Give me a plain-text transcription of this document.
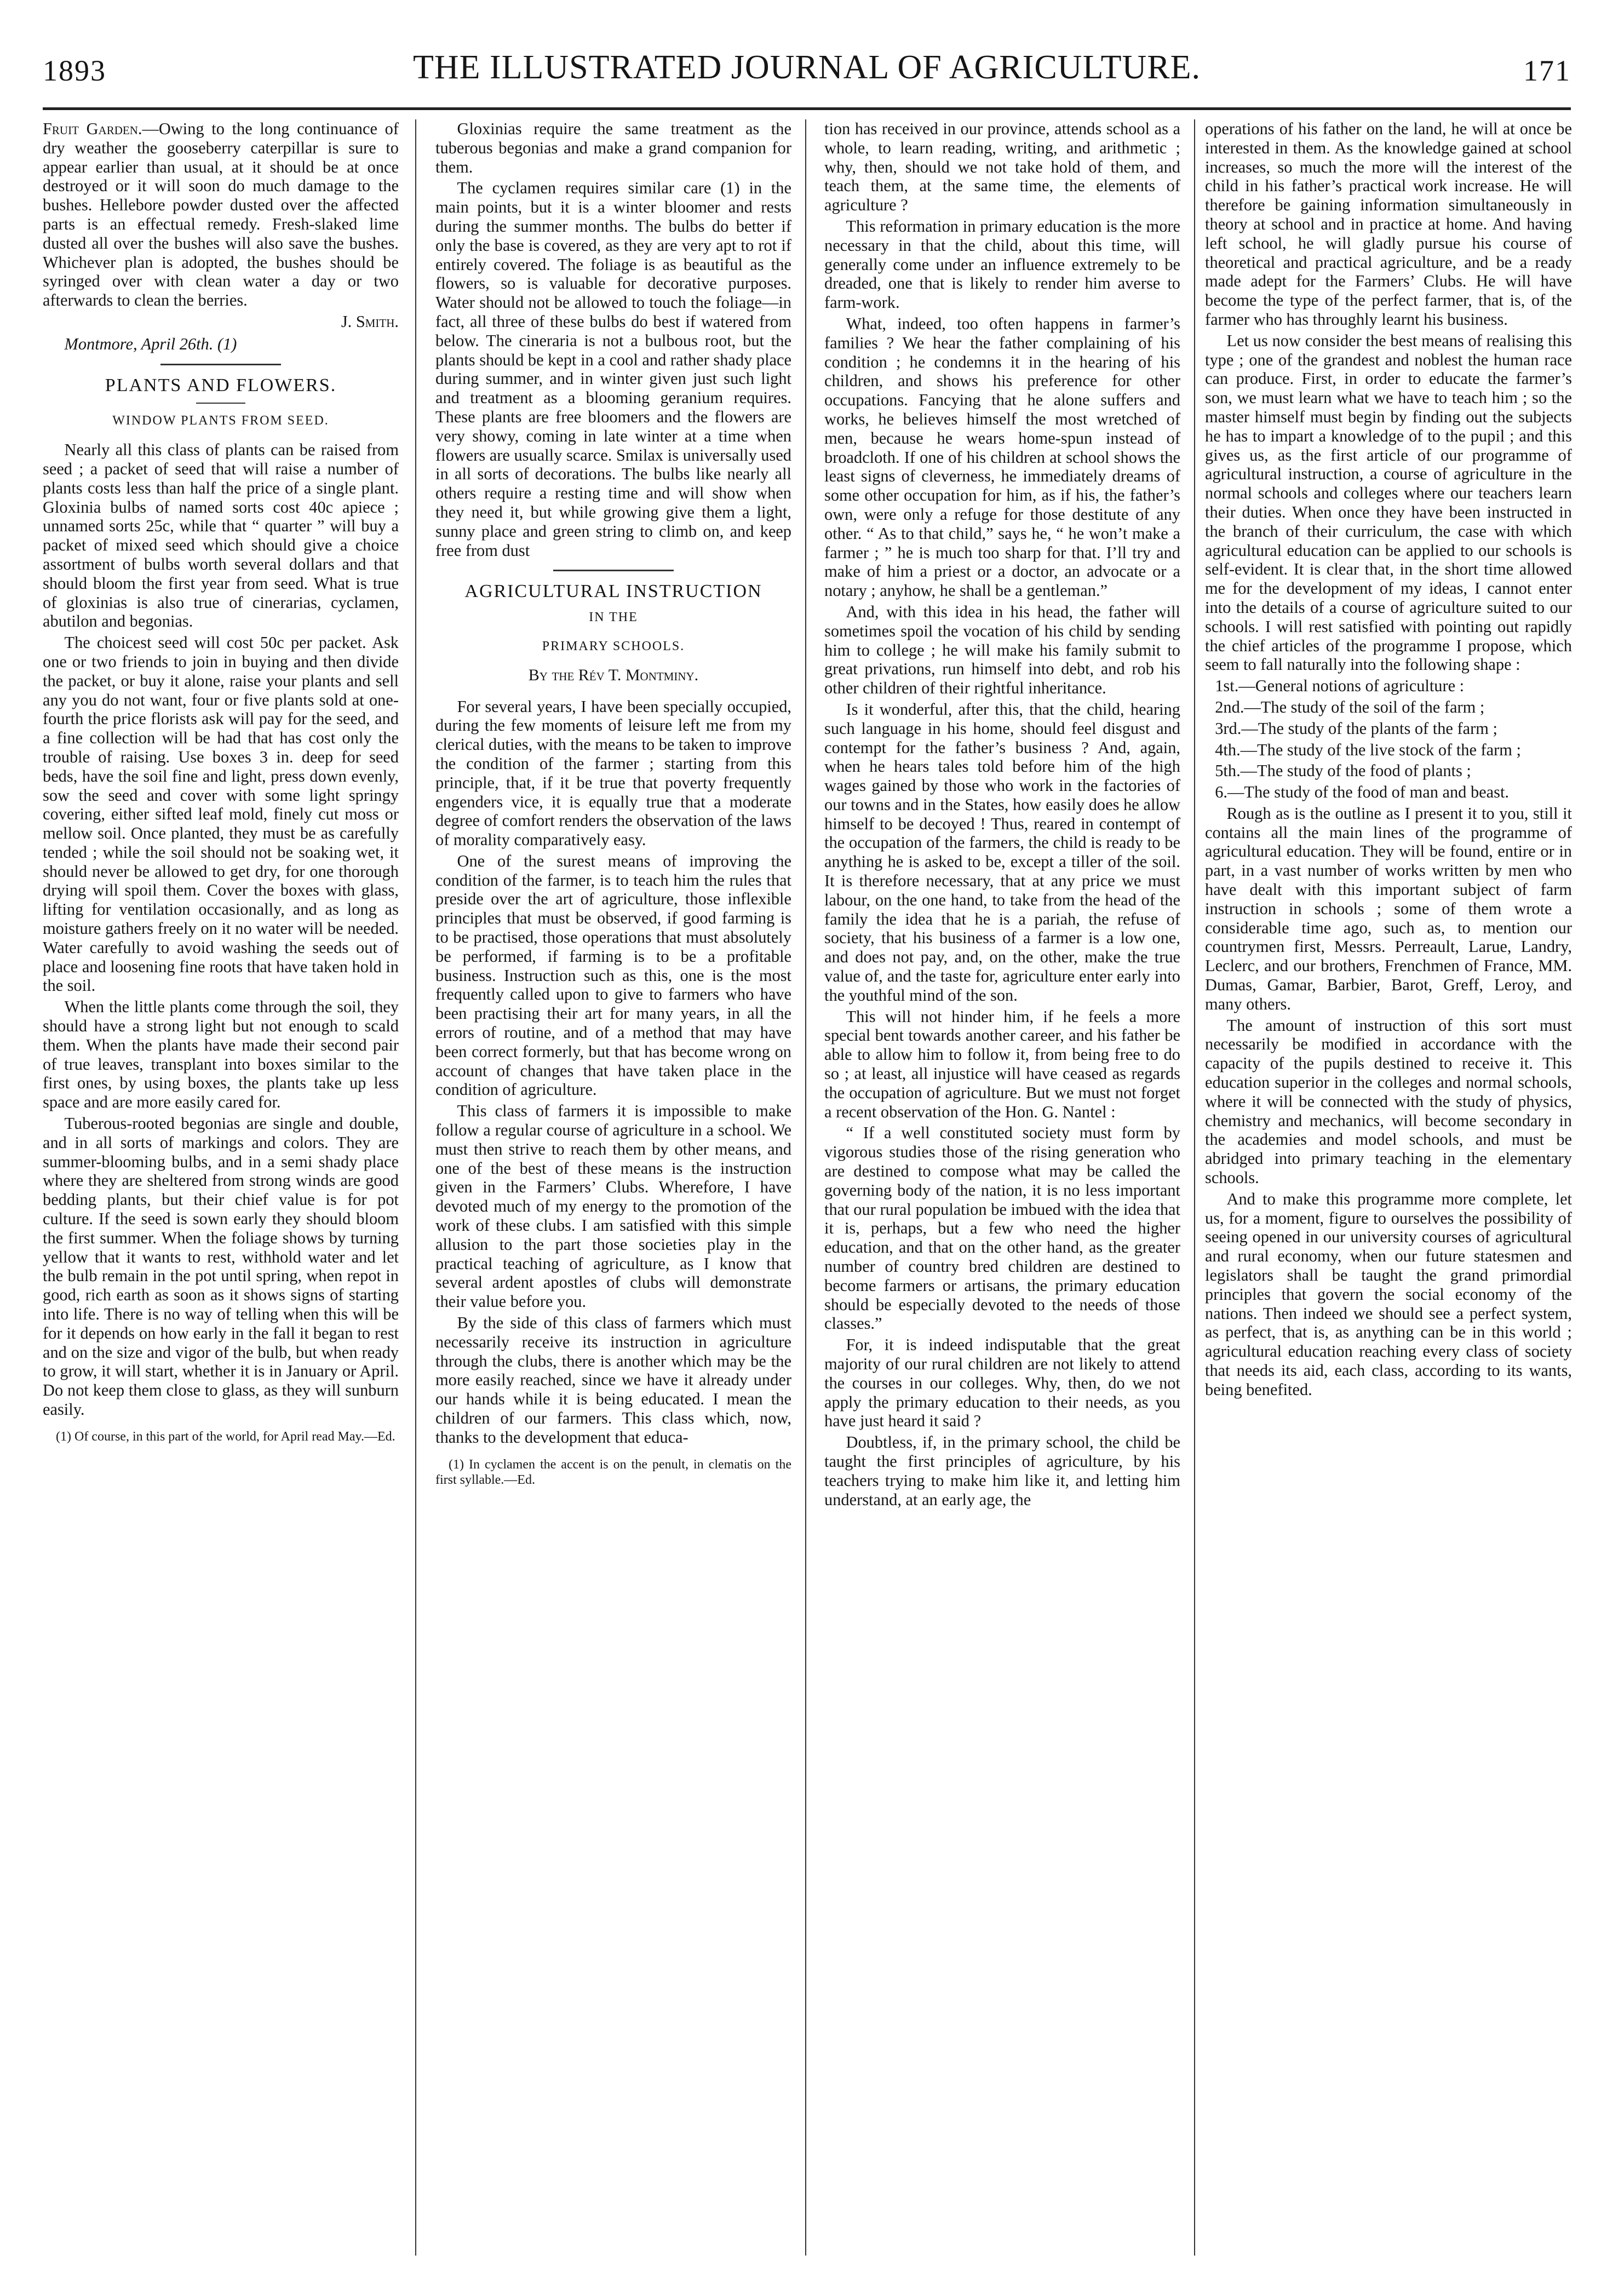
1893	THE ILLUSTRATED JOURNAL OF AGRICULTURE.	171

Fruit Garden.—Owing to the long continuance of dry weather the gooseberry caterpillar is sure to appear earlier than usual, at it should be at once destroyed or it will soon do much damage to the bushes. Hellebore powder dusted over the affected parts is an effectual remedy. Fresh-slaked lime dusted all over the bushes will also save the bushes. Whichever plan is adopted, the bushes should be syringed over with clean water a day or two afterwards to clean the berries.

J. Smith.

Montmore, April 26th. (1)

PLANTS AND FLOWERS.

WINDOW PLANTS FROM SEED.

Nearly all this class of plants can be raised from seed ; a packet of seed that will raise a number of plants costs less than half the price of a single plant. Gloxinia bulbs of named sorts cost 40c apiece ; unnamed sorts 25c, while that “ quarter ” will buy a packet of mixed seed which should give a choice assortment of bulbs worth several dollars and that should bloom the first year from seed. What is true of gloxinias is also true of cinerarias, cyclamen, abutilon and begonias.

The choicest seed will cost 50c per packet. Ask one or two friends to join in buying and then divide the packet, or buy it alone, raise your plants and sell any you do not want, four or five plants sold at one-fourth the price florists ask will pay for the seed, and a fine collection will be had that has cost only the trouble of raising. Use boxes 3 in. deep for seed beds, have the soil fine and light, press down evenly, sow the seed and cover with some light springy covering, either sifted leaf mold, finely cut moss or mellow soil. Once planted, they must be as carefully tended ; while the soil should not be soaking wet, it should never be allowed to get dry, for one thorough drying will spoil them. Cover the boxes with glass, lifting for ventilation occasionally, and as long as moisture gathers freely on it no water will be needed. Water carefully to avoid washing the seeds out of place and loosening fine roots that have taken hold in the soil.

When the little plants come through the soil, they should have a strong light but not enough to scald them. When the plants have made their second pair of true leaves, transplant into boxes similar to the first ones, by using boxes, the plants take up less space and are more easily cared for.

Tuberous-rooted begonias are single and double, and in all sorts of markings and colors. They are summer-blooming bulbs, and in a semi shady place where they are sheltered from strong winds are good bedding plants, but their chief value is for pot culture. If the seed is sown early they should bloom the first summer. When the foliage shows by turning yellow that it wants to rest, withhold water and let the bulb remain in the pot until spring, when repot in good, rich earth as soon as it shows signs of starting into life. There is no way of telling when this will be for it depends on how early in the fall it began to rest and on the size and vigor of the bulb, but when ready to grow, it will start, whether it is in January or April. Do not keep them close to glass, as they will sunburn easily.

(1) Of course, in this part of the world, for April read May.—Ed.

Gloxinias require the same treatment as the tuberous begonias and make a grand companion for them.

The cyclamen requires similar care (1) in the main points, but it is a winter bloomer and rests during the summer months. The bulbs do better if only the base is covered, as they are very apt to rot if entirely covered. The foliage is as beautiful as the flowers, so is valuable for decorative purposes. Water should not be allowed to touch the foliage—in fact, all three of these bulbs do best if watered from below. The cineraria is not a bulbous root, but the plants should be kept in a cool and rather shady place during summer, and in winter given just such light and treatment as a blooming geranium requires. These plants are free bloomers and the flowers are very showy, coming in late winter at a time when flowers are usually scarce. Smilax is universally used in all sorts of decorations. The bulbs like nearly all others require a resting time and will show when they need it, but while growing give them a light, sunny place and green string to climb on, and keep free from dust

AGRICULTURAL INSTRUCTION

IN THE

PRIMARY SCHOOLS.

By the Rév T. Montminy.

For several years, I have been specially occupied, during the few moments of leisure left me from my clerical duties, with the means to be taken to improve the condition of the farmer ; starting from this principle, that, if it be true that poverty frequently engenders vice, it is equally true that a moderate degree of comfort renders the observation of the laws of morality comparatively easy.

One of the surest means of improving the condition of the farmer, is to teach him the rules that preside over the art of agriculture, those inflexible principles that must be observed, if good farming is to be practised, those operations that must absolutely be performed, if farming is to be a profitable business. Instruction such as this, one is the most frequently called upon to give to farmers who have been practising their art for many years, in all the errors of routine, and of a method that may have been correct formerly, but that has become wrong on account of changes that have taken place in the condition of agriculture.

This class of farmers it is impossible to make follow a regular course of agriculture in a school. We must then strive to reach them by other means, and one of the best of these means is the instruction given in the Farmers’ Clubs. Wherefore, I have devoted much of my energy to the promotion of the work of these clubs. I am satisfied with this simple allusion to the part those societies play in the practical teaching of agriculture, as I know that several ardent apostles of clubs will demonstrate their value before you.

By the side of this class of farmers which must necessarily receive its instruction in agriculture through the clubs, there is another which may be the more easily reached, since we have it already under our hands while it is being educated. I mean the children of our farmers. This class which, now, thanks to the development that educa-

(1) In cyclamen the accent is on the penult, in clematis on the first syllable.—Ed.

tion has received in our province, attends school as a whole, to learn reading, writing, and arithmetic ; why, then, should we not take hold of them, and teach them, at the same time, the elements of agriculture ?

This reformation in primary education is the more necessary in that the child, about this time, will generally come under an influence extremely to be dreaded, one that is likely to render him averse to farm-work.

What, indeed, too often happens in farmer’s families ? We hear the father complaining of his condition ; he condemns it in the hearing of his children, and shows his preference for other occupations. Fancying that he alone suffers and works, he believes himself the most wretched of men, because he wears home-spun instead of broadcloth. If one of his children at school shows the least signs of cleverness, he immediately dreams of some other occupation for him, as if his, the father’s own, were only a refuge for those destitute of any other. “ As to that child,” says he, “ he won’t make a farmer ; ” he is much too sharp for that. I’ll try and make of him a priest or a doctor, an advocate or a notary ; anyhow, he shall be a gentleman.”

And, with this idea in his head, the father will sometimes spoil the vocation of his child by sending him to college ; he will make his family submit to great privations, run himself into debt, and rob his other children of their rightful inheritance.

Is it wonderful, after this, that the child, hearing such language in his home, should feel disgust and contempt for the father’s business ? And, again, when he hears tales told before him of the high wages gained by those who work in the factories of our towns and in the States, how easily does he allow himself to be decoyed ! Thus, reared in contempt of the occupation of the farmers, the child is ready to be anything he is asked to be, except a tiller of the soil. It is therefore necessary, that at any price we must labour, on the one hand, to take from the head of the family the idea that he is a pariah, the refuse of society, that his business of a farmer is a low one, and does not pay, and, on the other, make the true value of, and the taste for, agriculture enter early into the youthful mind of the son.

This will not hinder him, if he feels a more special bent towards another career, and his father be able to allow him to follow it, from being free to do so ; at least, all injustice will have ceased as regards the occupation of agriculture. But we must not forget a recent observation of the Hon. G. Nantel :

“ If a well constituted society must form by vigorous studies those of the rising generation who are destined to compose what may be called the governing body of the nation, it is no less important that our rural population be imbued with the idea that it is, perhaps, but a few who need the higher education, and that on the other hand, as the greater number of country bred children are destined to become farmers or artisans, the primary education should be especially devoted to the needs of those classes.”

For, it is indeed indisputable that the great majority of our rural children are not likely to attend the courses in our colleges. Why, then, do we not apply the primary education to their needs, as you have just heard it said ?

Doubtless, if, in the primary school, the child be taught the first principles of agriculture, by his teachers trying to make him like it, and letting him understand, at an early age, the

operations of his father on the land, he will at once be interested in them. As the knowledge gained at school increases, so much the more will the interest of the child in his father’s practical work increase. He will therefore be gaining information simultaneously in theory at school and in practice at home. And having left school, he will gladly pursue his course of theoretical and practical agriculture, and be a ready made adept for the Farmers’ Clubs. He will have become the type of the perfect farmer, that is, of the farmer who has throughly learnt his business.

Let us now consider the best means of realising this type ; one of the grandest and noblest the human race can produce. First, in order to educate the farmer’s son, we must learn what we have to teach him ; so the master himself must begin by finding out the subjects he has to impart a knowledge of to the pupil ; and this gives us, as the first article of our programme of agricultural instruction, a course of agriculture in the normal schools and colleges where our teachers learn their duties. When once they have been instructed in the branch of their curriculum, the case with which agricultural education can be applied to our schools is self-evident. It is clear that, in the short time allowed me for the development of my ideas, I cannot enter into the details of a course of agriculture suited to our schools. I will rest satisfied with pointing out rapidly the chief articles of the programme I propose, which seem to fall naturally into the following shape :

1st.—General notions of agriculture :

2nd.—The study of the soil of the farm ;

3rd.—The study of the plants of the farm ;

4th.—The study of the live stock of the farm ;

5th.—The study of the food of plants ;

6.—The study of the food of man and beast.

Rough as is the outline as I present it to you, still it contains all the main lines of the programme of agricultural education. They will be found, entire or in part, in a vast number of works written by men who have dealt with this important subject of farm instruction in schools ; some of them wrote a considerable time ago, such as, to mention our countrymen first, Messrs. Perreault, Larue, Landry, Leclerc, and our brothers, Frenchmen of France, MM. Dumas, Gamar, Barbier, Barot, Greff, Leroy, and many others.

The amount of instruction of this sort must necessarily be modified in accordance with the capacity of the pupils destined to receive it. This education superior in the colleges and normal schools, where it will be connected with the study of physics, chemistry and mechanics, will become secondary in the academies and model schools, and must be abridged into primary teaching in the elementary schools.

And to make this programme more complete, let us, for a moment, figure to ourselves the possibility of seeing opened in our university courses of agricultural and rural economy, when our future statesmen and legislators shall be taught the grand primordial principles that govern the social economy of the nations. Then indeed we should see a perfect system, as perfect, that is, as anything can be in this world ; agricultural education reaching every class of society that needs its aid, each class, according to its wants, being benefited.
